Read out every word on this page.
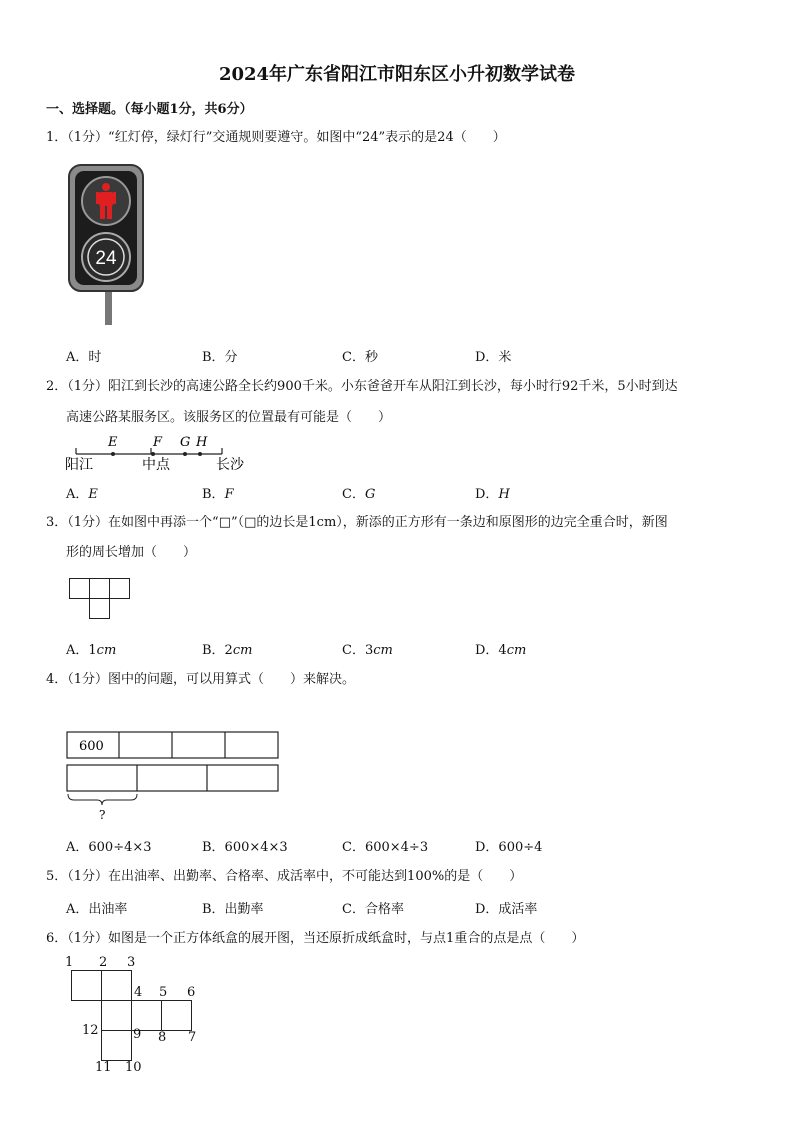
2024年广东省阳江市阳东区小升初数学试卷
一、选择题。（每小题1分，共6分）
1．（1分）“红灯停，绿灯行”交通规则要遵守。如图中“24”表示的是24（　　）
24
A．时	B．分	C．秒	D．米
2．（1分）阳江到长沙的高速公路全长约900千米。小东爸爸开车从阳江到长沙，每小时行92千米，5小时到达
高速公路某服务区。该服务区的位置最有可能是（　　）
E	F G H
阳江	中点	长沙
A．E	B．F	C．G	D．H
3．（1分）在如图中再添一个“□”（□的边长是1cm），新添的正方形有一条边和原图形的边完全重合时，新图
形的周长增加（　　）
A．1cm	B．2cm	C．3cm	D．4cm
4．（1分）图中的问题，可以用算式（　　）来解决。
600
?
A．600÷4×3	B．600×4×3	C．600×4÷3	D．600÷4
5．（1分）在出油率、出勤率、合格率、成活率中，不可能达到100%的是（　　）
A．出油率	B．出勤率	C．合格率	D．成活率
6．（1分）如图是一个正方体纸盒的展开图，当还原折成纸盒时，与点1重合的点是点（　　）
1 2 3
4 5 6
7
8
9
10
11
12
